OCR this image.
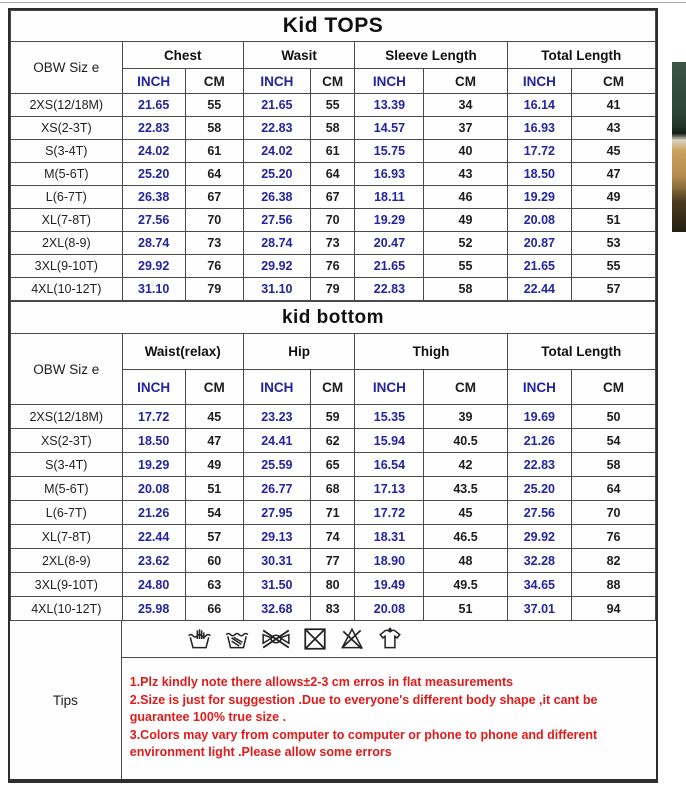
Kid TOPS								
OBW Siz e	Chest		Wasit		Sleeve Length		Total Length	
	INCH	CM	INCH	CM	INCH	CM	INCH	CM
2XS(12/18M)	21.65	55	21.65	55	13.39	34	16.14	41
XS(2-3T)	22.83	58	22.83	58	14.57	37	16.93	43
S(3-4T)	24.02	61	24.02	61	15.75	40	17.72	45
M(5-6T)	25.20	64	25.20	64	16.93	43	18.50	47
L(6-7T)	26.38	67	26.38	67	18.11	46	19.29	49
XL(7-8T)	27.56	70	27.56	70	19.29	49	20.08	51
2XL(8-9)	28.74	73	28.74	73	20.47	52	20.87	53
3XL(9-10T)	29.92	76	29.92	76	21.65	55	21.65	55
4XL(10-12T)	31.10	79	31.10	79	22.83	58	22.44	57
kid bottom								
OBW Siz e	Waist(relax)		Hip		Thigh		Total Length	
	INCH	CM	INCH	CM	INCH	CM	INCH	CM
2XS(12/18M)	17.72	45	23.23	59	15.35	39	19.69	50
XS(2-3T)	18.50	47	24.41	62	15.94	40.5	21.26	54
S(3-4T)	19.29	49	25.59	65	16.54	42	22.83	58
M(5-6T)	20.08	51	26.77	68	17.13	43.5	25.20	64
L(6-7T)	21.26	54	27.95	71	17.72	45	27.56	70
XL(7-8T)	22.44	57	29.13	74	18.31	46.5	29.92	76
2XL(8-9)	23.62	60	30.31	77	18.90	48	32.28	82
3XL(9-10T)	24.80	63	31.50	80	19.49	49.5	34.65	88
4XL(10-12T)	25.98	66	32.68	83	20.08	51	37.01	94
Tips

1.Plz kindly note there allows±2-3 cm erros in flat measurements

2.Size is just for suggestion .Due to everyone's different body shape ,it cant be guarantee 100% true size .

3.Colors may vary from computer to computer or phone to phone and different environment light .Please allow some errors
